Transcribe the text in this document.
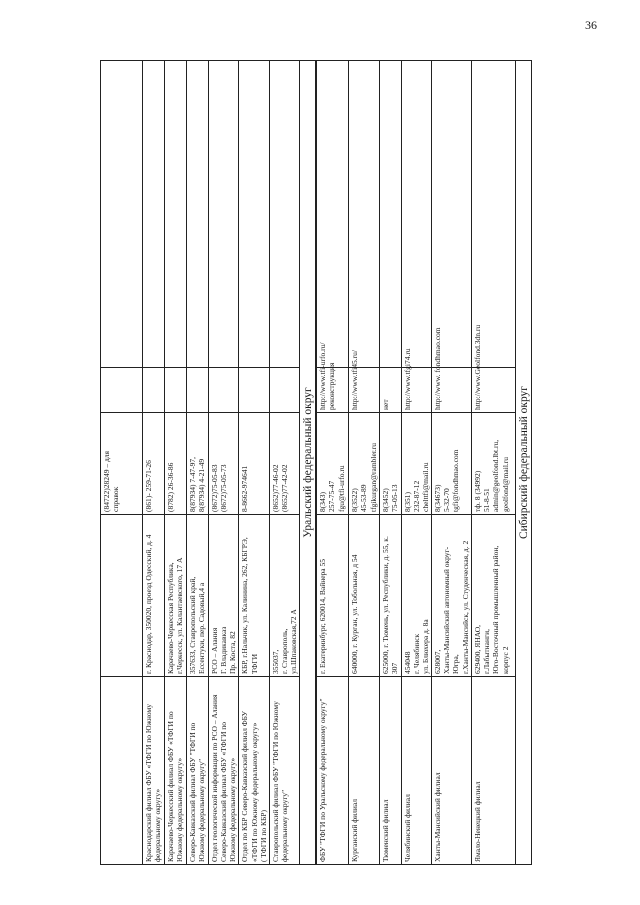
36

		(84722)28249 – для справок		

Краснодарский филиал ФБУ «ТФГИ по Южному федеральному округу»	г. Краснодар, 350020, проезд Одесский, д. 4	(861)- 259-71-26		

Карачаево-Черкесский филиал ФБУ «ТФГИ по Южному федеральному округу»	Карачаево-Черкесская Республика, г.Черкесск, ул. Калантаевского, 17 А	(8782) 26-36-86		

Северо-Кавказский филиал ФБУ "ТФГИ по Южному федеральному округу"	357633, Ставропольский край, Ессентуки, пер. Садовый,4 а	8(87934) 7-47-97, 8(87934) 4-21-49		

Отдел геологической информации по РСО – Алания Северо-Кавказский филиал ФБУ «ТФГИ по Южному федеральному округу»	РСО – Алания Г. Владикавказ Пр. Коста, 82	(8672)75-05-83 (8672)75-05-73		

Отдел по КБР Северо-Кавказский филиал ФБУ «ТФГИ по Южному федеральному округу» ( ТФГИ по КБР)	КБР, г.Нальчик, ул. Калинина, 262, КБГРЭ, ТФГИ	8-8662-974641		

Ставропольский филиал ФБУ "ТФГИ по Южному федеральному округу"	355037, г. Ставрополь, ул.Шпаковская,72 А	(8652)77-46-02 (8652)77-42-02		
		Уральский федеральный округ
ФБУ "ТФГИ по Уральскому федеральному округу"	г. Екатеринбург, 620014, Вайнера 55	8(343) 257-75-47 fgu@tfi-urfo.ru	http://www.tfi-urfo.ru/ реконструкция	

Курганский филиал	640000, г. Курган, ул. Тобольная, д 54	8(3522) 45-53-89 tfgikurgan@rambler.ru	http://www.tfi45.ru/	

Тюменский филиал	625000, г. Тюмень, ул. Республики, д. 55, к. 307	8(3452) 75-05-13	нет	

Челябинский филиал	454048 г. Челябинск ул. Блюхера д. 8а	8(351) 232-87-12 chelttfi@mail.ru	http://www.tfgi74.ru	

Ханты-Мансийский филиал	628007, Ханты-Мансийский автономный округ- Югра, г.Ханты-Мансийск, ул. Студенческая, д. 2	8(34673) 5-32-70 tgfi@fondhmao.com	http://www. fondhmao.com	

Ямало-Ненецкий филиал	629400, ЯНАО, г.Лабытнанги, Юго-Восточный промышленный район, корпус 2	тф. 8 (34992) 51-8-51 admin@geolfond.lbt.ru, geolfond@mail.ru	http://www.Geolfond.3dn.ru	

Сибирский федеральный округ
